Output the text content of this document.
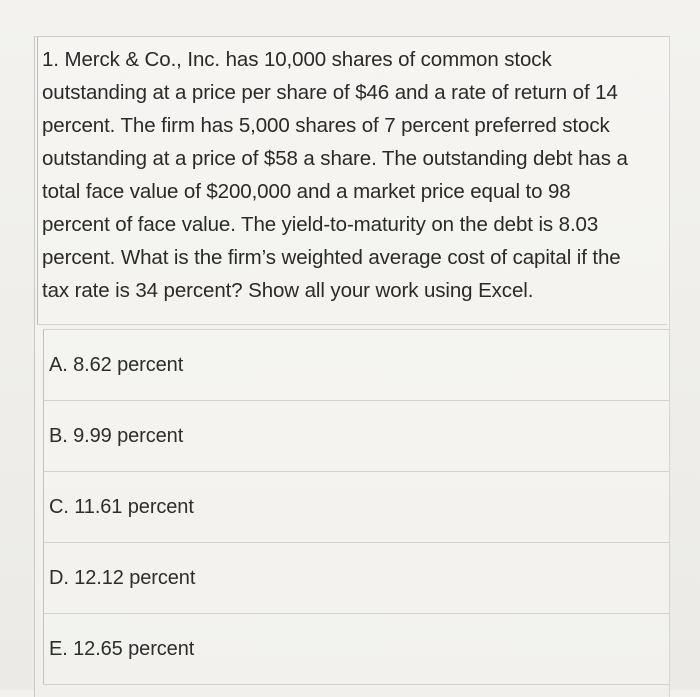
1. Merck & Co., Inc. has 10,000 shares of common stock
outstanding at a price per share of $46 and a rate of return of 14
percent. The firm has 5,000 shares of 7 percent preferred stock
outstanding at a price of $58 a share. The outstanding debt has a
total face value of $200,000 and a market price equal to 98
percent of face value. The yield-to-maturity on the debt is 8.03
percent. What is the firm’s weighted average cost of capital if the
tax rate is 34 percent? Show all your work using Excel.

A. 8.62 percent
B. 9.99 percent
C. 11.61 percent
D. 12.12 percent
E. 12.65 percent
